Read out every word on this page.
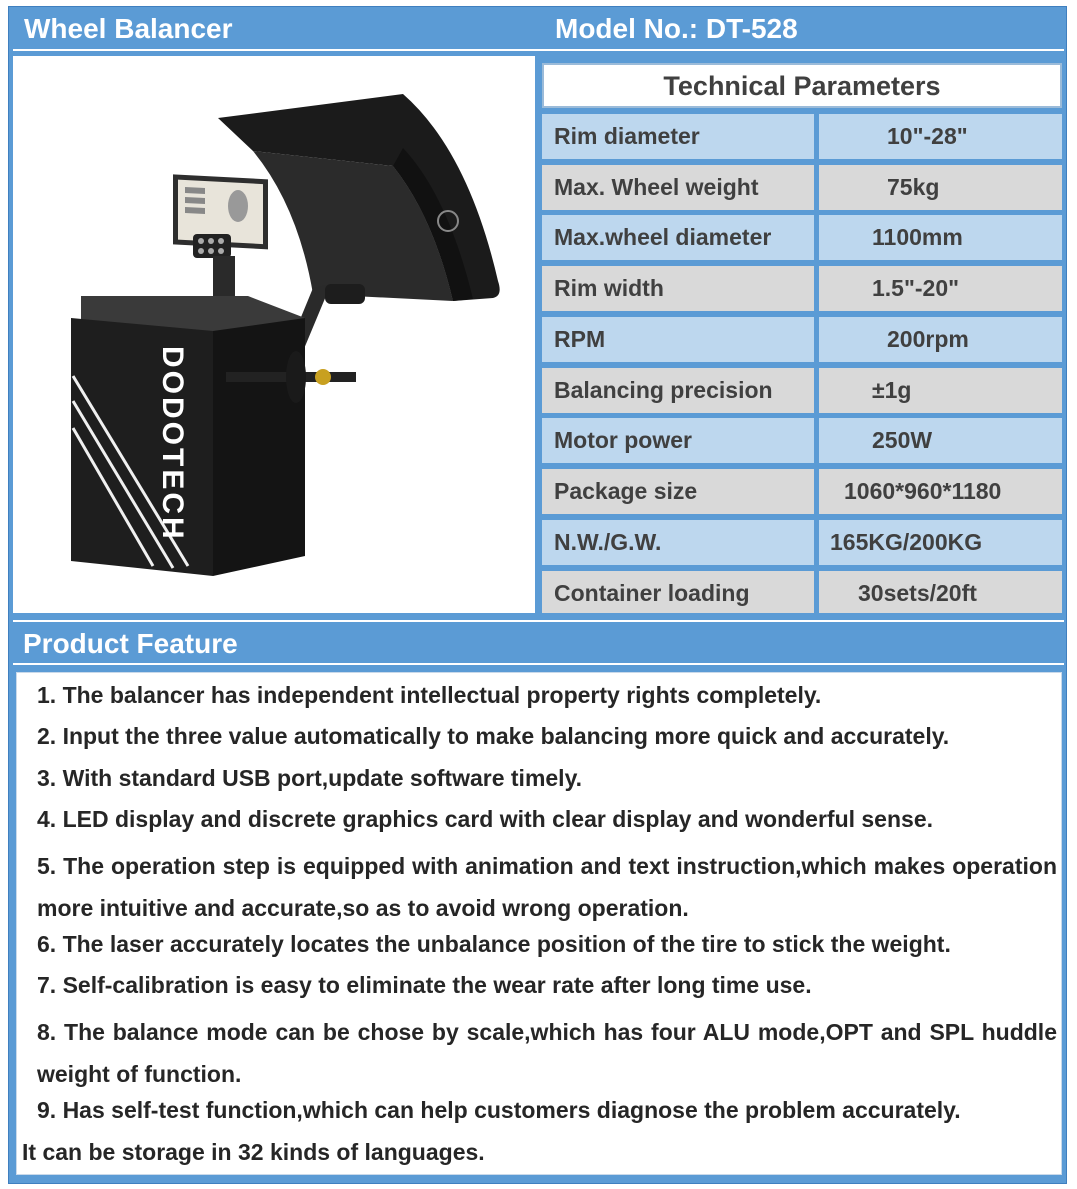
Wheel Balancer	Model No.: DT-528
DODOTECH
Technical Parameters
Rim diameter	10"-28"
Max. Wheel weight	75kg
Max.wheel diameter	1100mm
Rim width	1.5"-20"
RPM	200rpm
Balancing precision	±1g
Motor power	250W
Package size	1060*960*1180
N.W./G.W.	165KG/200KG
Container loading	30sets/20ft
Product Feature
1. The balancer has independent intellectual property rights completely.
2. Input the three value automatically to make balancing more quick and accurately.
3. With standard USB port,update software timely.
4. LED display and discrete graphics card with clear display and wonderful sense.
5. The operation step is equipped with animation and text instruction,which makes operation more intuitive and accurate,so as to avoid wrong operation.
6. The laser accurately locates the unbalance position of the tire to stick the weight.
7. Self-calibration is easy to eliminate the wear rate after long time use.
8. The balance mode can be chose by scale,which has four ALU mode,OPT and SPL huddle weight of function.
9. Has self-test function,which can help customers diagnose the problem accurately.
It can be storage in 32 kinds of languages.
